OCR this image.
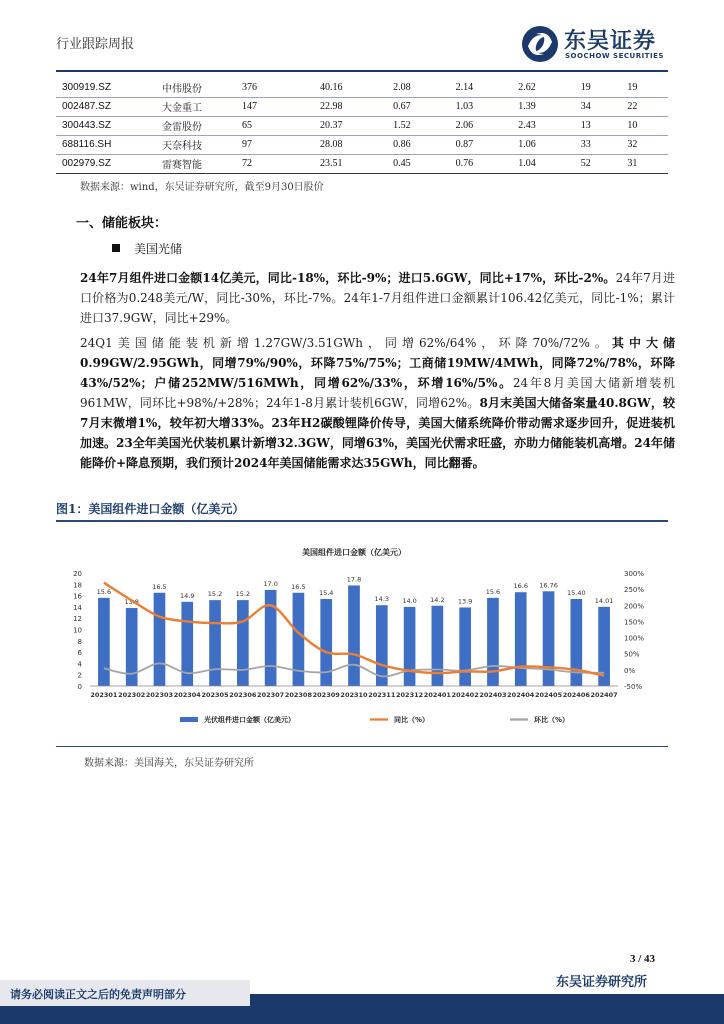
行业跟踪周报	东吴证券
SOOCHOW SECURITIES
300919.SZ	中伟股份	376	40.16	2.08	2.14	2.62	19	19
002487.SZ	大金重工	147	22.98	0.67	1.03	1.39	34	22
300443.SZ	金雷股份	65	20.37	1.52	2.06	2.43	13	10
688116.SH	天奈科技	97	28.08	0.86	0.87	1.06	33	32
002979.SZ	雷赛智能	72	23.51	0.45	0.76	1.04	52	31
数据来源：wind，东吴证券研究所，截至9月30日股价
一、储能板块：
美国光储
24年7月组件进口金额14亿美元，同比-18%，环比-9%；进口5.6GW，同比+17%，环比-2%。24年7月进口价格为0.248美元/W，同比-30%，环比-7%。24年1-7月组件进口金额累计106.42亿美元，同比-1%；累计进口37.9GW，同比+29%。
24Q1美国储能装机新增1.27GW/3.51GWh，同增62%/64%，环降70%/72%。其中大储0.99GW/2.95GWh，同增79%/90%，环降75%/75%；工商储19MW/4MWh，同降72%/78%，环降43%/52%；户储252MW/516MWh，同增62%/33%，环增16%/5%。24年8月美国大储新增装机961MW，同环比+98%/+28%；24年1-8月累计装机6GW，同增62%。8月末美国大储备案量40.8GW，较7月末微增1%，较年初大增33%。23年H2碳酸锂降价传导，美国大储系统降价带动需求逐步回升，促进装机加速。23全年美国光伏装机累计新增32.3GW，同增63%，美国光伏需求旺盛，亦助力储能装机高增。24年储能降价+降息预期，我们预计2024年美国储能需求达35GWh，同比翻番。
图1：美国组件进口金额（亿美元）
美国组件进口金额（亿美元）
0
2
4
6
8
10
12
14
16
18
20
-50%
0%
50%
100%
150%
200%
250%
300%
15.6
13.8
16.5
14.9 15.2 15.2
17.0 16.5
15.4
17.8
14.3 14.0 14.2 13.9
15.6
16.6 16.76
15.40
14.01
202301 202302 202303 202304 202305 202306 202307 202308 202309 202310 202311 202312 202401 202402 202403 202404 202405 202406 202407
光伏组件进口金额（亿美元）	同比（%）	环比（%）
数据来源：美国海关，东吴证券研究所
3 / 43
东吴证券研究所
请务必阅读正文之后的免责声明部分
